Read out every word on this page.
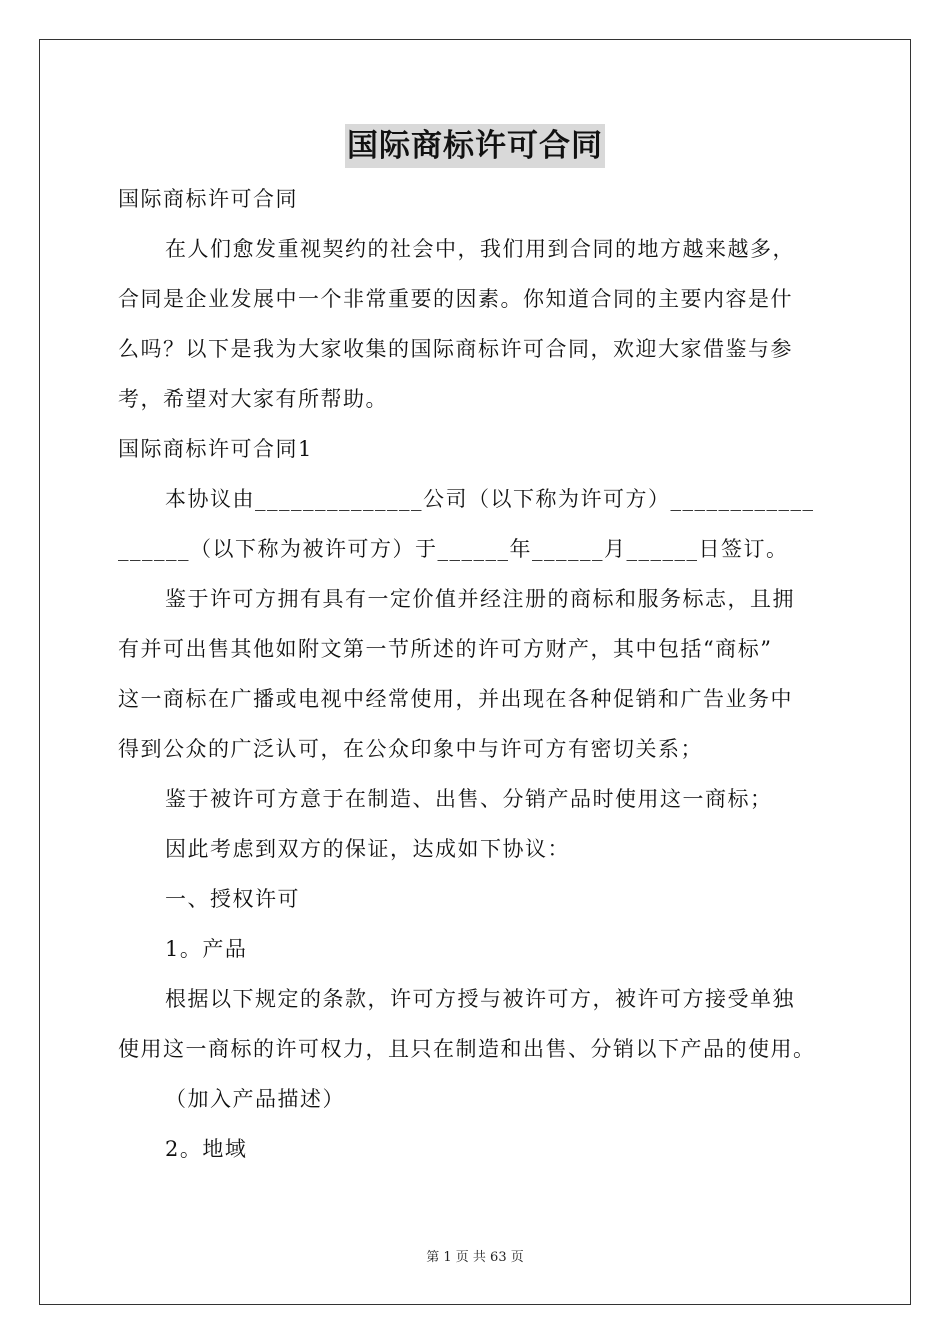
国际商标许可合同
国际商标许可合同
在人们愈发重视契约的社会中，我们用到合同的地方越来越多，
合同是企业发展中一个非常重要的因素。你知道合同的主要内容是什
么吗？以下是我为大家收集的国际商标许可合同，欢迎大家借鉴与参
考，希望对大家有所帮助。
国际商标许可合同1
本协议由______________公司（以下称为许可方）____________
______（以下称为被许可方）于______年______月______日签订。
鉴于许可方拥有具有一定价值并经注册的商标和服务标志，且拥
有并可出售其他如附文第一节所述的许可方财产，其中包括“商标”
这一商标在广播或电视中经常使用，并出现在各种促销和广告业务中
得到公众的广泛认可，在公众印象中与许可方有密切关系；
鉴于被许可方意于在制造、出售、分销产品时使用这一商标；
因此考虑到双方的保证，达成如下协议：
一、授权许可
1。产品
根据以下规定的条款，许可方授与被许可方，被许可方接受单独
使用这一商标的许可权力，且只在制造和出售、分销以下产品的使用。
（加入产品描述）
2。地域
第 1 页 共 63 页
